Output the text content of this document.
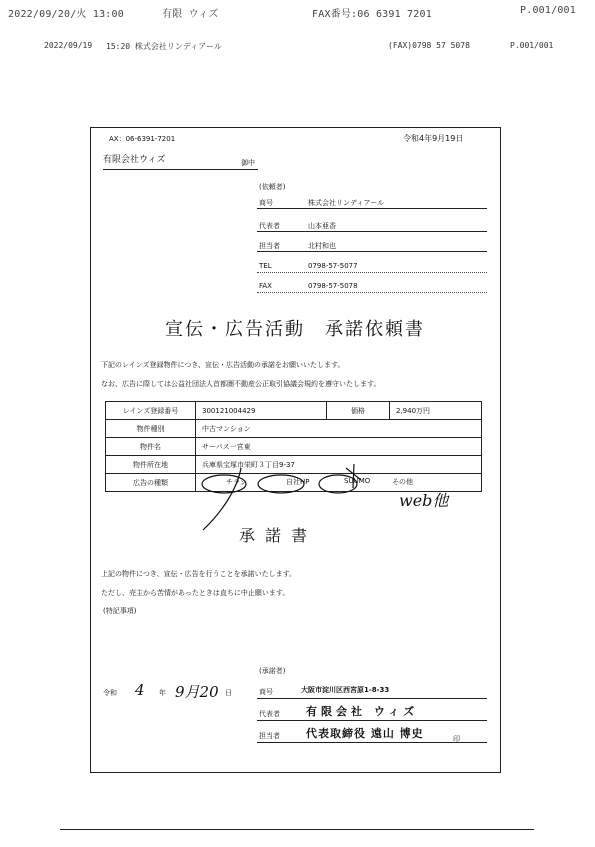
2022/09/20/火 13:00	有限 ウィズ	FAX番号:06 6391 7201	P.001/001
2022/09/19 15:20 株式会社リンディアール	(FAX)0798 57 5078	P.001/001
AX：06-6391-7201	令和4年9月19日
有限会社ウィズ	御中
(依頼者)
商号	株式会社リンディアール
代表者	山本亜香
担当者	北村和也
TEL	0798-57-5077
FAX	0798-57-5078
宣伝・広告活動　承諾依頼書
下記のレインズ登録物件につき、宣伝・広告活動の承諾をお願いいたします。
なお、広告に際しては公益社団法人首都圏不動産公正取引協議会規約を遵守いたします。
レインズ登録番号	300121004429	価格	2,940万円
物件種別	中古マンション		
物件名	サーパス一宮東		
物件所在地	兵庫県宝塚市栄町３丁目9-37		
広告の種類	チラシ 自社HP SUUMO その他		
web他
承諾書
上記の物件につき、宣伝・広告を行うことを承諾いたします。
ただし、売主から苦情があったときは直ちに中止願います。
(特記事項)
令和 4 年 9月20 日
(承諾者)
商号	大阪市淀川区西宮原1-8-33
代表者 有限会社 ウィズ
担当者 代表取締役 遠山 博史	印
